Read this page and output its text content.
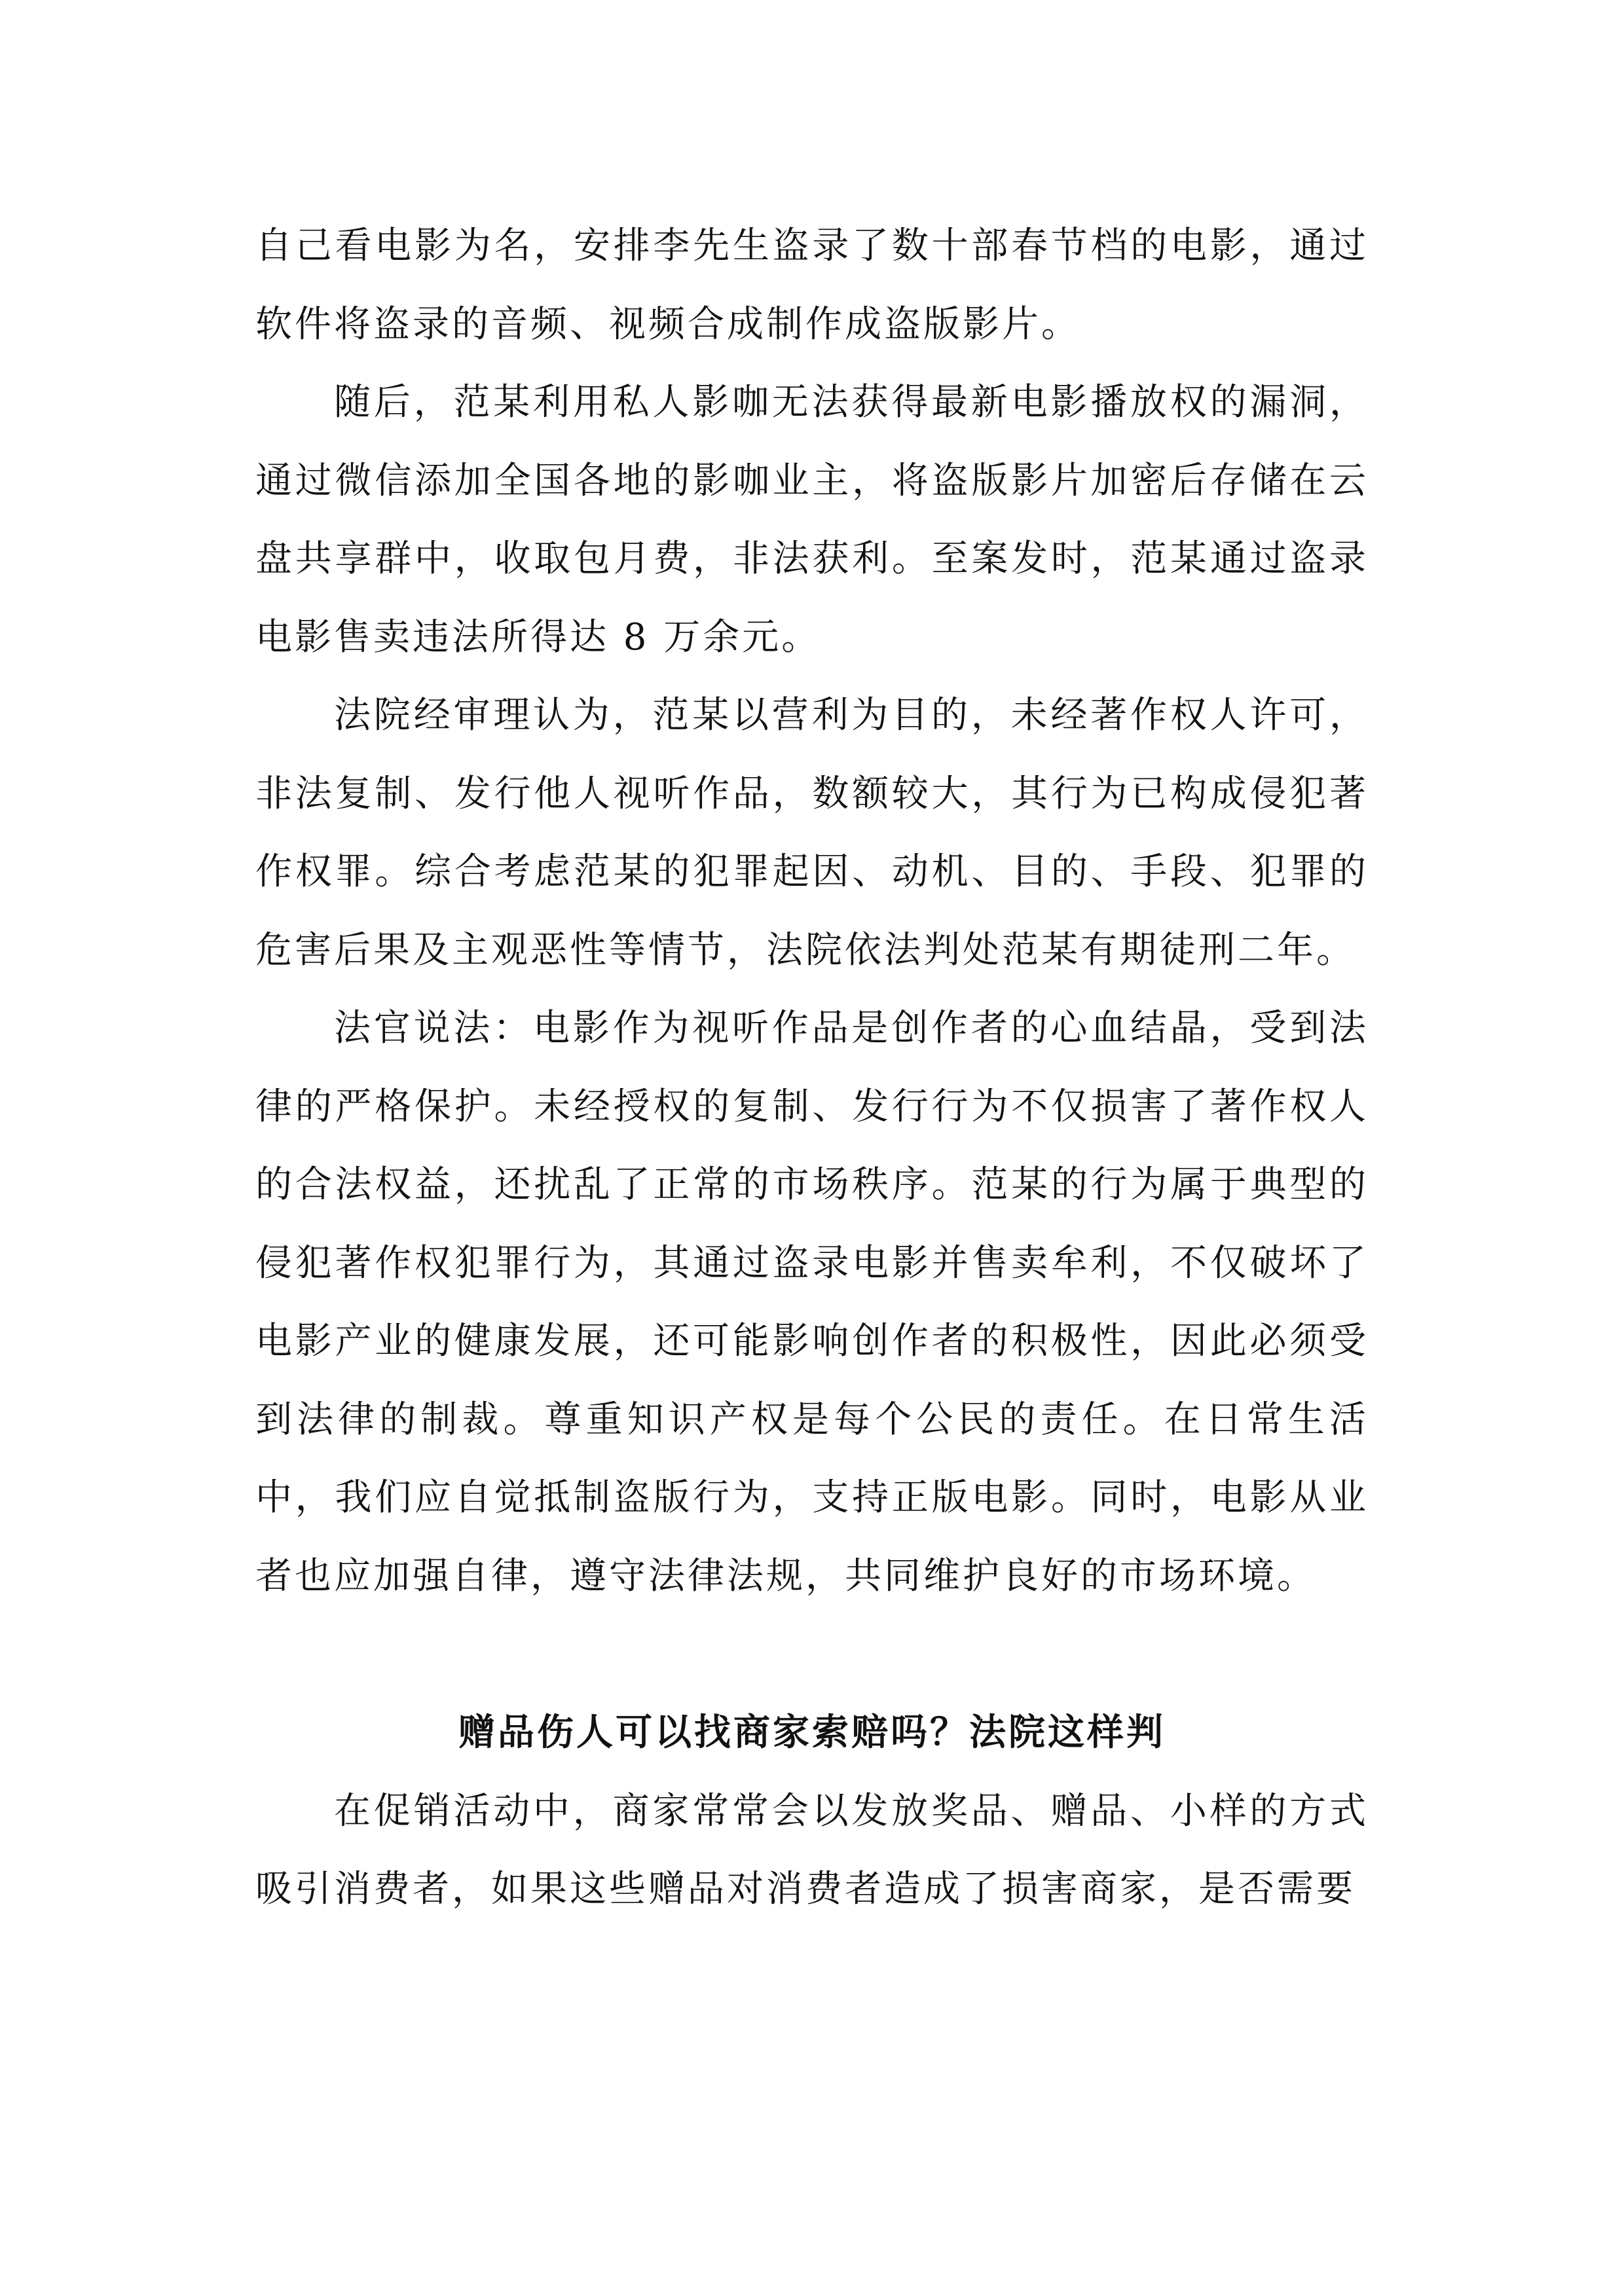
自己看电影为名，安排李先生盗录了数十部春节档的电影，通过软件将盗录的音频、视频合成制作成盗版影片。

随后，范某利用私人影咖无法获得最新电影播放权的漏洞，通过微信添加全国各地的影咖业主，将盗版影片加密后存储在云盘共享群中，收取包月费，非法获利。至案发时，范某通过盗录电影售卖违法所得达 8 万余元。

法院经审理认为，范某以营利为目的，未经著作权人许可，非法复制、发行他人视听作品，数额较大，其行为已构成侵犯著作权罪。综合考虑范某的犯罪起因、动机、目的、手段、犯罪的危害后果及主观恶性等情节，法院依法判处范某有期徒刑二年。

法官说法：电影作为视听作品是创作者的心血结晶，受到法律的严格保护。未经授权的复制、发行行为不仅损害了著作权人的合法权益，还扰乱了正常的市场秩序。范某的行为属于典型的侵犯著作权犯罪行为，其通过盗录电影并售卖牟利，不仅破坏了电影产业的健康发展，还可能影响创作者的积极性，因此必须受到法律的制裁。尊重知识产权是每个公民的责任。在日常生活中，我们应自觉抵制盗版行为，支持正版电影。同时，电影从业者也应加强自律，遵守法律法规，共同维护良好的市场环境。

赠品伤人可以找商家索赔吗？法院这样判

在促销活动中，商家常常会以发放奖品、赠品、小样的方式吸引消费者，如果这些赠品对消费者造成了损害商家，是否需要
